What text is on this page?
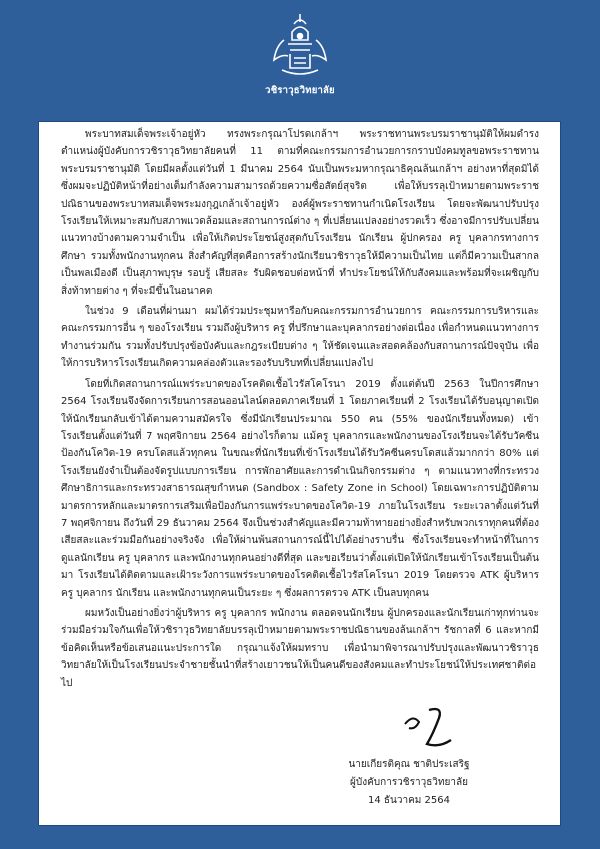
วชิราวุธวิทยาลัย

พระบาทสมเด็จพระเจ้าอยู่หัว ทรงพระกรุณาโปรดเกล้าฯ พระราชทานพระบรมราชานุมัติให้ผมดำรงตำแหน่งผู้บังคับการวชิราวุธวิทยาลัยคนที่ 11 ตามที่คณะกรรมการอำนวยการกราบบังคมทูลขอพระราชทานพระบรมราชานุมัติ โดยมีผลตั้งแต่วันที่ 1 มีนาคม 2564 นับเป็นพระมหากรุณาธิคุณล้นเกล้าฯ อย่างหาที่สุดมิได้ ซึ่งผมจะปฏิบัติหน้าที่อย่างเต็มกำลังความสามารถด้วยความซื่อสัตย์สุจริต เพื่อให้บรรลุเป้าหมายตามพระราชปณิธานของพระบาทสมเด็จพระมงกุฎเกล้าเจ้าอยู่หัว องค์ผู้พระราชทานกำเนิดโรงเรียน โดยจะพัฒนาปรับปรุงโรงเรียนให้เหมาะสมกับสภาพแวดล้อมและสถานการณ์ต่าง ๆ ที่เปลี่ยนแปลงอย่างรวดเร็ว ซึ่งอาจมีการปรับเปลี่ยนแนวทางบ้างตามความจำเป็น เพื่อให้เกิดประโยชน์สูงสุดกับโรงเรียน นักเรียน ผู้ปกครอง ครู บุคลากรทางการศึกษา รวมทั้งพนักงานทุกคน สิ่งสำคัญที่สุดคือการสร้างนักเรียนวชิราวุธให้มีความเป็นไทย แต่ก็มีความเป็นสากล เป็นพลเมืองดี เป็นสุภาพบุรุษ รอบรู้ เสียสละ รับผิดชอบต่อหน้าที่ ทำประโยชน์ให้กับสังคมและพร้อมที่จะเผชิญกับสิ่งท้าทายต่าง ๆ ที่จะมีขึ้นในอนาคต

ในช่วง 9 เดือนที่ผ่านมา ผมได้ร่วมประชุมหารือกับคณะกรรมการอำนวยการ คณะกรรมการบริหารและคณะกรรมการอื่น ๆ ของโรงเรียน รวมถึงผู้บริหาร ครู ที่ปรึกษาและบุคลากรอย่างต่อเนื่อง เพื่อกำหนดแนวทางการทำงานร่วมกัน รวมทั้งปรับปรุงข้อบังคับและกฎระเบียบต่าง ๆ ให้ชัดเจนและสอดคล้องกับสถานการณ์ปัจจุบัน เพื่อให้การบริหารโรงเรียนเกิดความคล่องตัวและรองรับบริบทที่เปลี่ยนแปลงไป

โดยที่เกิดสถานการณ์แพร่ระบาดของโรคติดเชื้อไวรัสโคโรนา 2019 ตั้งแต่ต้นปี 2563 ในปีการศึกษา 2564 โรงเรียนจึงจัดการเรียนการสอนออนไลน์ตลอดภาคเรียนที่ 1 โดยภาคเรียนที่ 2 โรงเรียนได้รับอนุญาตเปิดให้นักเรียนกลับเข้าได้ตามความสมัครใจ ซึ่งมีนักเรียนประมาณ 550 คน (55% ของนักเรียนทั้งหมด) เข้าโรงเรียนตั้งแต่วันที่ 7 พฤศจิกายน 2564 อย่างไรก็ตาม แม้ครู บุคลากรและพนักงานของโรงเรียนจะได้รับวัคซีนป้องกันโควิด-19 ครบโดสแล้วทุกคน ในขณะที่นักเรียนที่เข้าโรงเรียนได้รับวัคซีนครบโดสแล้วมากกว่า 80% แต่โรงเรียนยังจำเป็นต้องจัดรูปแบบการเรียน การพักอาศัยและการดำเนินกิจกรรมต่าง ๆ ตามแนวทางที่กระทรวงศึกษาธิการและกระทรวงสาธารณสุขกำหนด (Sandbox : Safety Zone in School) โดยเฉพาะการปฏิบัติตามมาตรการหลักและมาตรการเสริมเพื่อป้องกันการแพร่ระบาดของโควิด-19 ภายในโรงเรียน ระยะเวลาตั้งแต่วันที่ 7 พฤศจิกายน ถึงวันที่ 29 ธันวาคม 2564 จึงเป็นช่วงสำคัญและมีความท้าทายอย่างยิ่งสำหรับพวกเราทุกคนที่ต้องเสียสละและร่วมมือกันอย่างจริงจัง เพื่อให้ผ่านพ้นสถานการณ์นี้ไปได้อย่างราบรื่น ซึ่งโรงเรียนจะทำหน้าที่ในการดูแลนักเรียน ครู บุคลากร และพนักงานทุกคนอย่างดีที่สุด และขอเรียนว่าตั้งแต่เปิดให้นักเรียนเข้าโรงเรียนเป็นต้นมา โรงเรียนได้ติดตามและเฝ้าระวังการแพร่ระบาดของโรคติดเชื้อไวรัสโคโรนา 2019 โดยตรวจ ATK ผู้บริหาร ครู บุคลากร นักเรียน และพนักงานทุกคนเป็นระยะ ๆ ซึ่งผลการตรวจ ATK เป็นลบทุกคน

ผมหวังเป็นอย่างยิ่งว่าผู้บริหาร ครู บุคลากร พนักงาน ตลอดจนนักเรียน ผู้ปกครองและนักเรียนเก่าทุกท่านจะร่วมมือร่วมใจกันเพื่อให้วชิราวุธวิทยาลัยบรรลุเป้าหมายตามพระราชปณิธานของล้นเกล้าฯ รัชกาลที่ 6 และหากมีข้อคิดเห็นหรือข้อเสนอแนะประการใด กรุณาแจ้งให้ผมทราบ เพื่อนำมาพิจารณาปรับปรุงและพัฒนาวชิราวุธวิทยาลัยให้เป็นโรงเรียนประจำชายชั้นนำที่สร้างเยาวชนให้เป็นคนดีของสังคมและทำประโยชน์ให้ประเทศชาติต่อไป

นายเกียรติคุณ ชาติประเสริฐ
ผู้บังคับการวชิราวุธวิทยาลัย
14 ธันวาคม 2564
